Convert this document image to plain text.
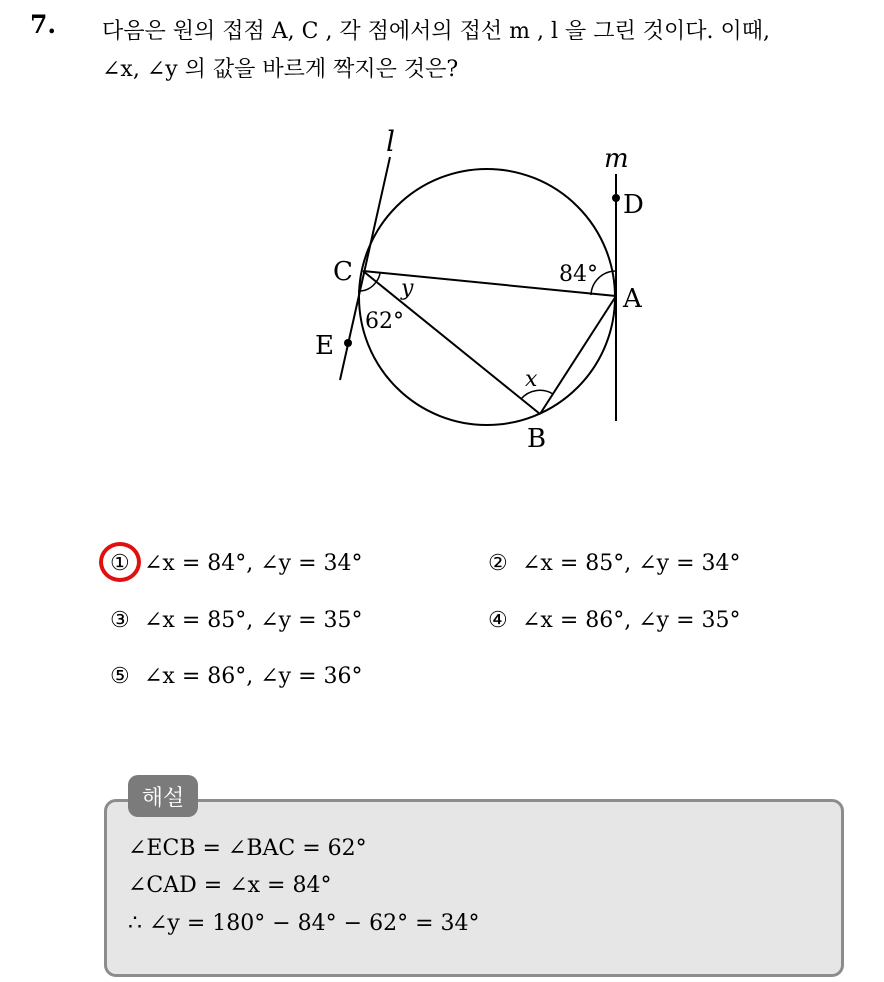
7. 다음은 원의 접점 A, C , 각 점에서의 접선 m , l 을 그린 것이다. 이때,
∠x, ∠y 의 값을 바르게 짝지은 것은?
l
m
D
C
A
E
B
84°
62°
y
x
① ∠x = 84°, ∠y = 34°	② ∠x = 85°, ∠y = 34°
③ ∠x = 85°, ∠y = 35°	④ ∠x = 86°, ∠y = 35°
⑤ ∠x = 86°, ∠y = 36°
해설
∠ECB = ∠BAC = 62°
∠CAD = ∠x = 84°
∴ ∠y = 180° − 84° − 62° = 34°
